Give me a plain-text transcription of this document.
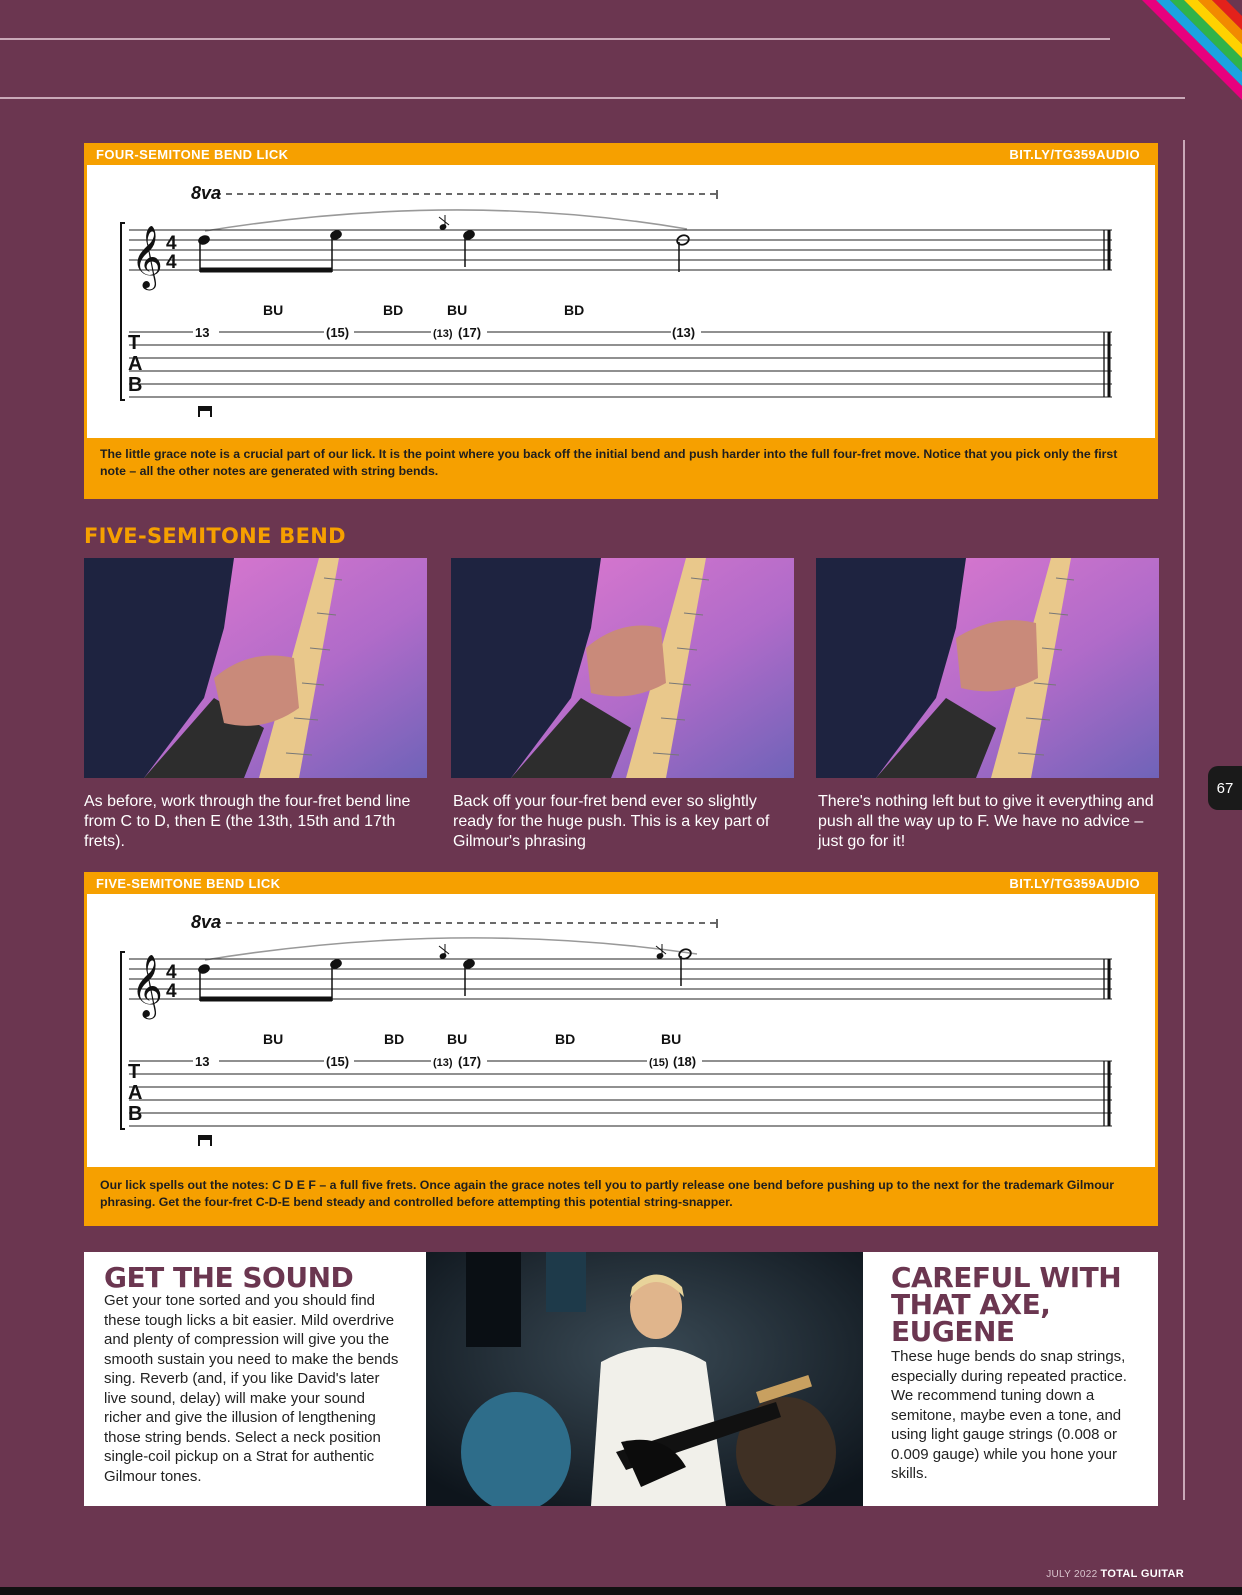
67
FOUR-SEMITONE BEND LICK	BIT.LY/TG359AUDIO
8va
𝄞 4
4
BU	BD	BU	BD
T
A
B
13	(15)	(13) (17)	(13)
The little grace note is a crucial part of our lick. It is the point where you back off the initial bend and push harder into the full four-fret move. Notice that you pick only the first note – all the other notes are generated with string bends.
FIVE-SEMITONE BEND
As before, work through the four-fret bend line from C to D, then E (the 13th, 15th and 17th frets).
Back off your four-fret bend ever so slightly ready for the huge push. This is a key part of Gilmour's phrasing
There's nothing left but to give it everything and push all the way up to F. We have no advice – just go for it!
FIVE-SEMITONE BEND LICK	BIT.LY/TG359AUDIO
8va
𝄞 4
4
BU	BD	BU	BD	BU
T
A
B
13	(15)	(13) (17)	(15) (18)
Our lick spells out the notes: C D E F – a full five frets. Once again the grace notes tell you to partly release one bend before pushing up to the next for the trademark Gilmour phrasing. Get the four-fret C-D-E bend steady and controlled before attempting this potential string-snapper.
GET THE SOUND
Get your tone sorted and you should find these tough licks a bit easier. Mild overdrive and plenty of compression will give you the smooth sustain you need to make the bends sing. Reverb (and, if you like David's later live sound, delay) will make your sound richer and give the illusion of lengthening those string bends. Select a neck position single-coil pickup on a Strat for authentic Gilmour tones.
CAREFUL WITH
THAT AXE,
EUGENE
These huge bends do snap strings, especially during repeated practice. We recommend tuning down a semitone, maybe even a tone, and using light gauge strings (0.008 or 0.009 gauge) while you hone your skills.
JULY 2022 TOTAL GUITAR
